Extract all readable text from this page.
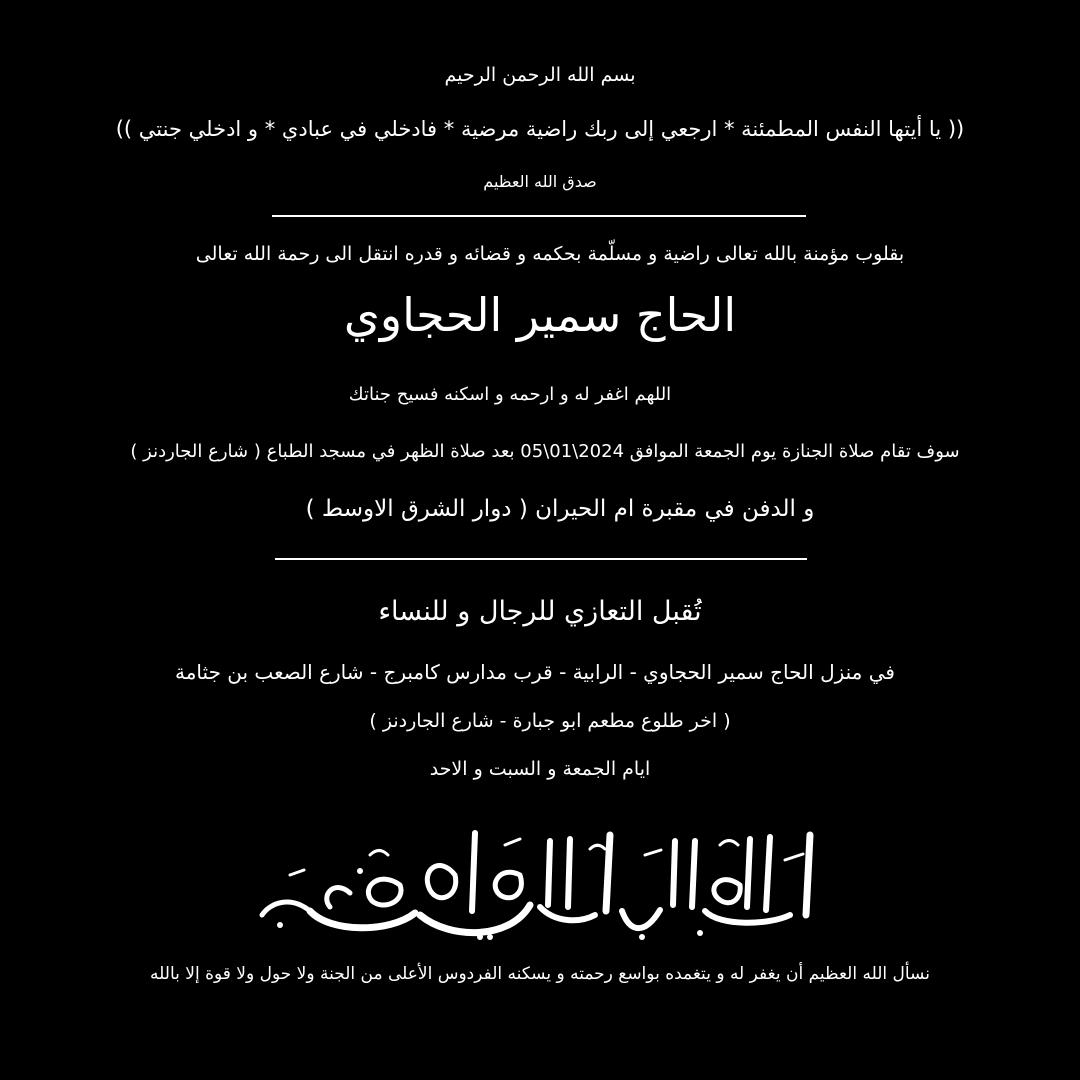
بسم الله الرحمن الرحيم
(( يا أيتها النفس المطمئنة * ارجعي إلى ربك راضية مرضية * فادخلي في عبادي * و ادخلي جنتي ))
صدق الله العظيم
بقلوب مؤمنة بالله تعالى راضية و مسلّمة بحكمه و قضائه و قدره انتقل الى رحمة الله تعالى
الحاج سمير الحجاوي
اللهم اغفر له و ارحمه و اسكنه فسيح جناتك
سوف تقام صلاة الجنازة يوم الجمعة الموافق 2024\01\05 بعد صلاة الظهر في مسجد الطباع ( شارع الجاردنز )
و الدفن في مقبرة ام الحيران ( دوار الشرق الاوسط )
تُقبل التعازي للرجال و للنساء
في منزل الحاج سمير الحجاوي - الرابية - قرب مدارس كامبرج - شارع الصعب بن جثامة
( اخر طلوع مطعم ابو جبارة - شارع الجاردنز )
ايام الجمعة و السبت و الاحد
نسأل الله العظيم أن يغفر له و يتغمده بواسع رحمته و يسكنه الفردوس الأعلى من الجنة ولا حول ولا قوة إلا بالله
